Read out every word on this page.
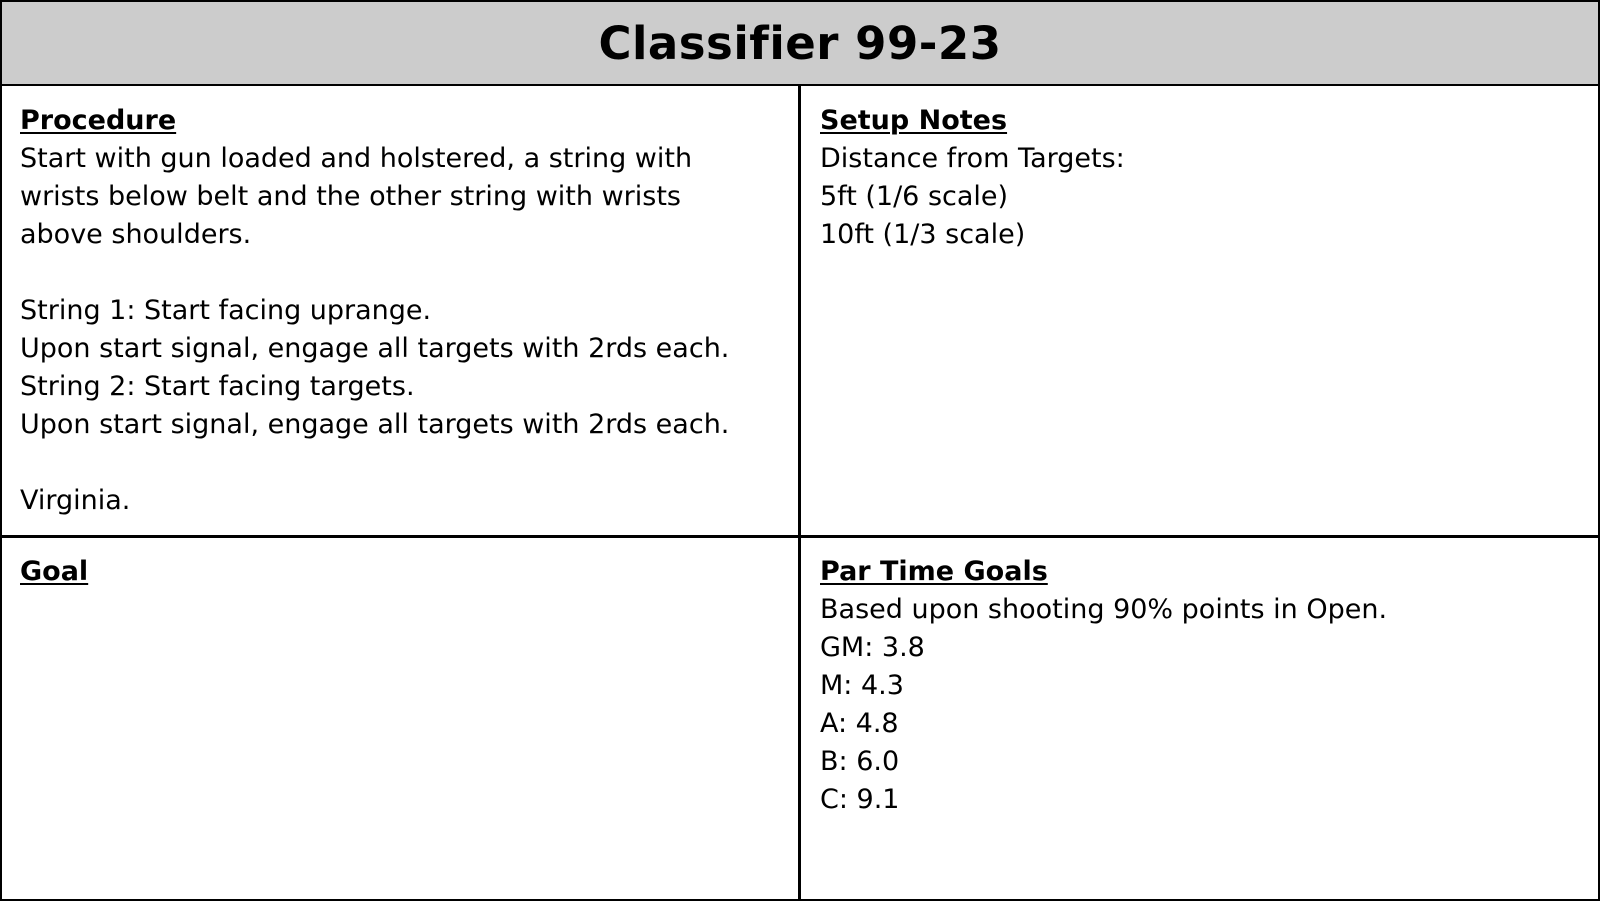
Classifier 99-23
Procedure
Start with gun loaded and holstered, a string with
wrists below belt and the other string with wrists
above shoulders.
String 1: Start facing uprange.
Upon start signal, engage all targets with 2rds each.
String 2: Start facing targets.
Upon start signal, engage all targets with 2rds each.
Virginia.
Setup Notes
Distance from Targets:
5ft (1/6 scale)
10ft (1/3 scale)
Goal	Par Time Goals
Based upon shooting 90% points in Open.
GM: 3.8
M: 4.3
A: 4.8
B: 6.0
C: 9.1
